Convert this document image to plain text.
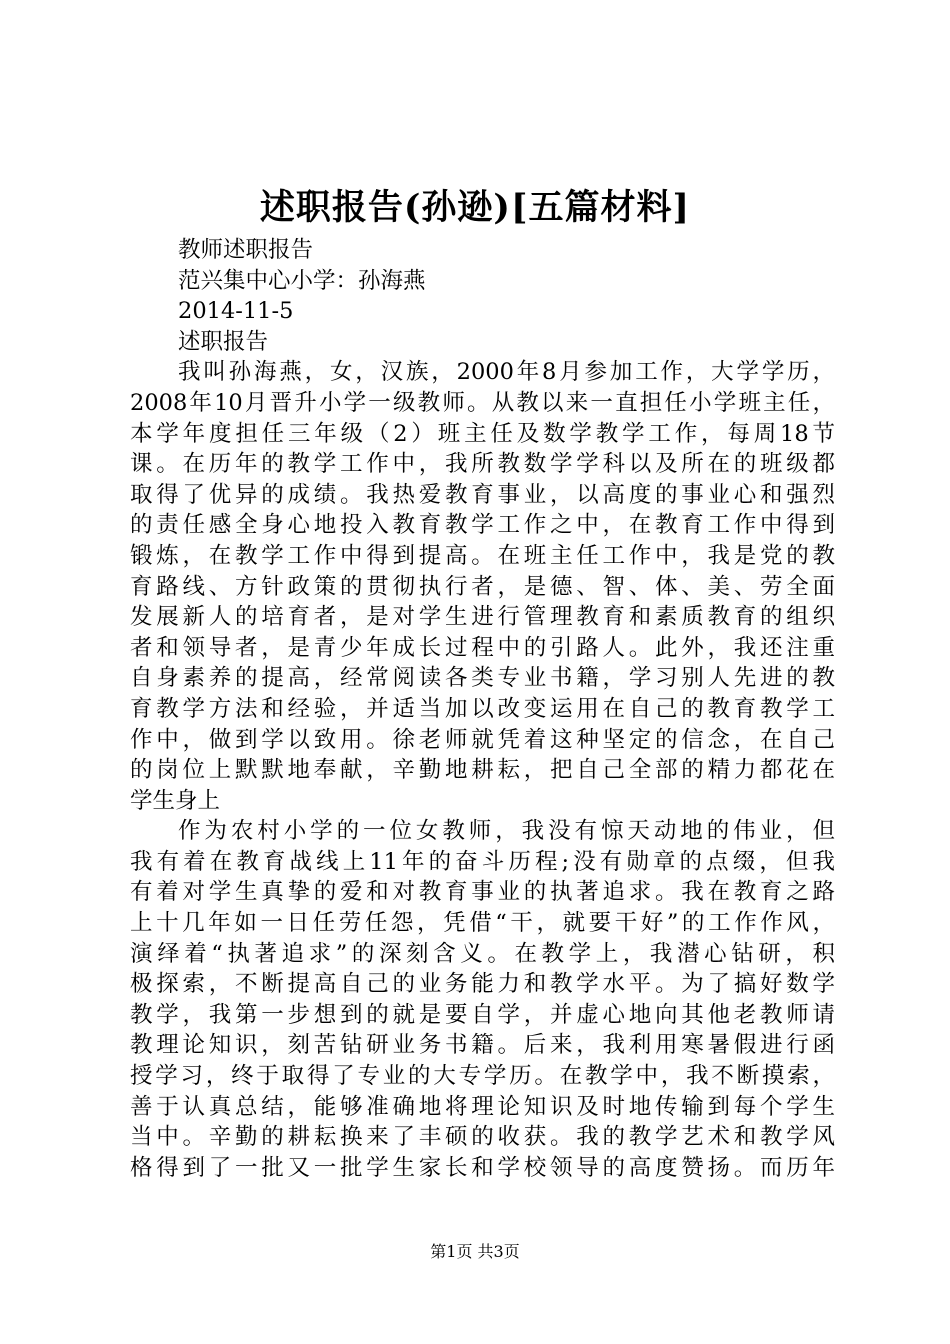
述职报告(孙逊)[五篇材料]
教师述职报告
范兴集中心小学：孙海燕
2014-11-5
述职报告
我叫孙海燕，女，汉族，2000年8月参加工作，大学学历，
2008年10月晋升小学一级教师。从教以来一直担任小学班主任，
本学年度担任三年级（2）班主任及数学教学工作，每周18节
课。在历年的教学工作中，我所教数学学科以及所在的班级都
取得了优异的成绩。我热爱教育事业，以高度的事业心和强烈
的责任感全身心地投入教育教学工作之中，在教育工作中得到
锻炼，在教学工作中得到提高。在班主任工作中，我是党的教
育路线、方针政策的贯彻执行者，是德、智、体、美、劳全面
发展新人的培育者，是对学生进行管理教育和素质教育的组织
者和领导者，是青少年成长过程中的引路人。此外，我还注重
自身素养的提高，经常阅读各类专业书籍，学习别人先进的教
育教学方法和经验，并适当加以改变运用在自己的教育教学工
作中，做到学以致用。徐老师就凭着这种坚定的信念，在自己
的岗位上默默地奉献，辛勤地耕耘，把自己全部的精力都花在
学生身上
作为农村小学的一位女教师，我没有惊天动地的伟业，但
我有着在教育战线上11年的奋斗历程;没有勋章的点缀，但我
有着对学生真挚的爱和对教育事业的执著追求。我在教育之路
上十几年如一日任劳任怨，凭借“干，就要干好”的工作作风，
演绎着“执著追求”的深刻含义。在教学上，我潜心钻研，积
极探索，不断提高自己的业务能力和教学水平。为了搞好数学
教学，我第一步想到的就是要自学，并虚心地向其他老教师请
教理论知识，刻苦钻研业务书籍。后来，我利用寒暑假进行函
授学习，终于取得了专业的大专学历。在教学中，我不断摸索，
善于认真总结，能够准确地将理论知识及时地传输到每个学生
当中。辛勤的耕耘换来了丰硕的收获。我的教学艺术和教学风
格得到了一批又一批学生家长和学校领导的高度赞扬。而历年
第1页 共3页
